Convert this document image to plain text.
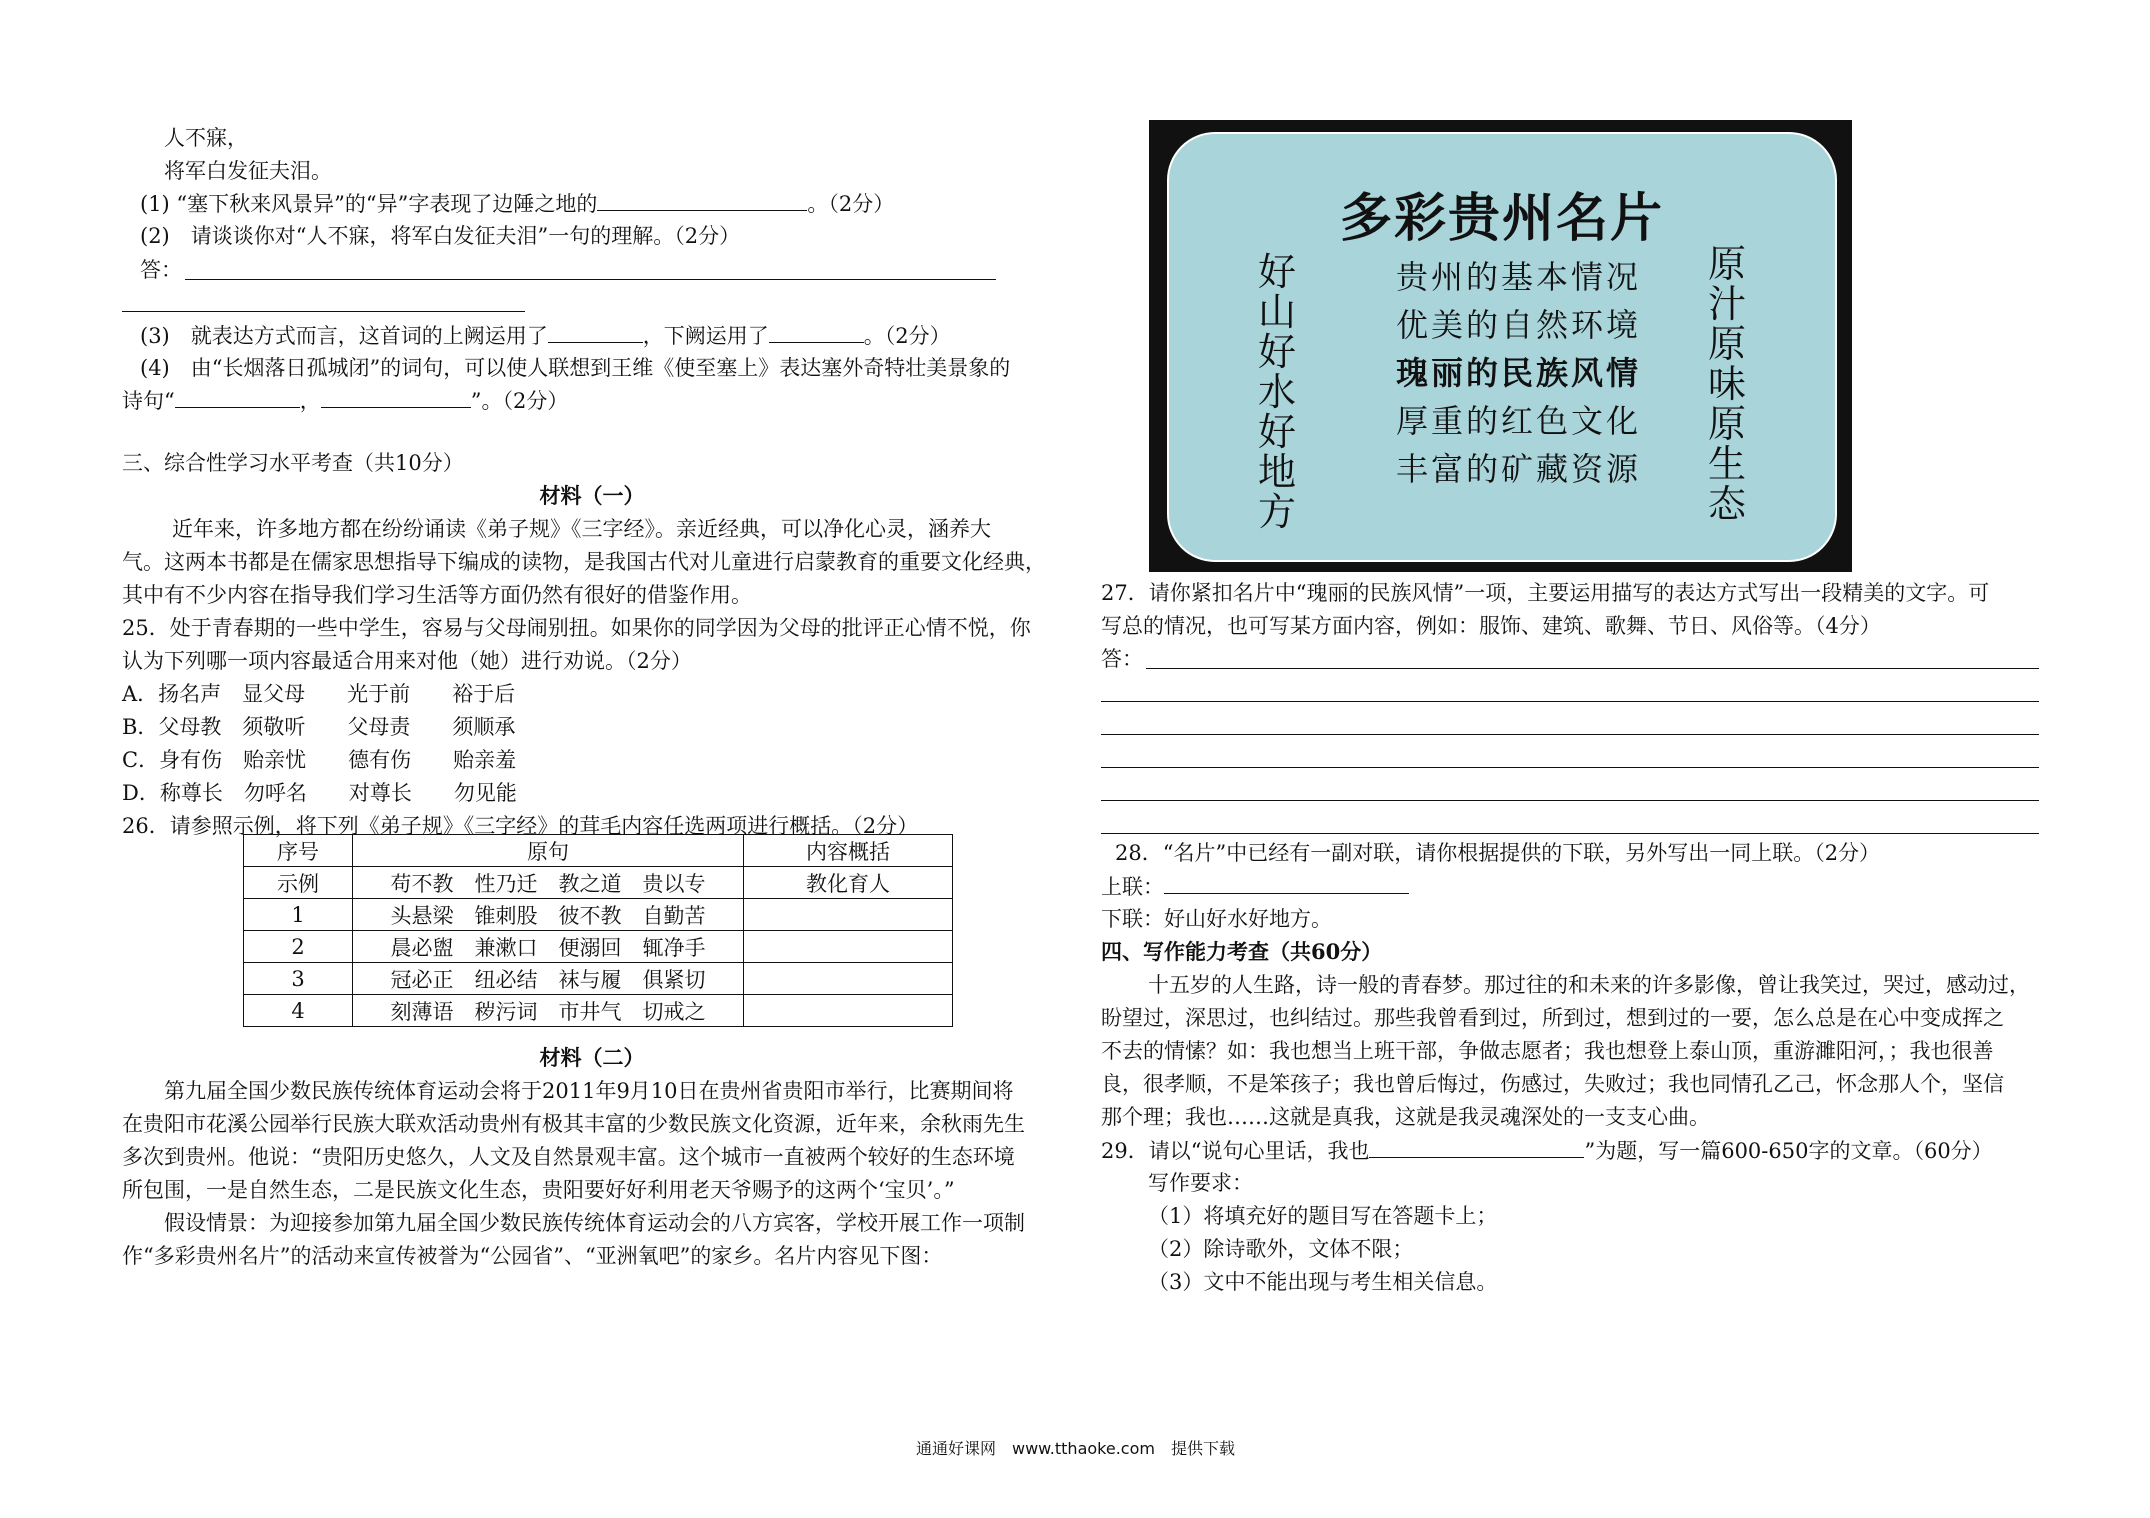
人不寐，
将军白发征夫泪。
(1) “塞下秋来风景异”的“异”字表现了边陲之地的	。（2分）
(2)　请谈谈你对“人不寐，将军白发征夫泪”一句的理解。（2分）
答：
(3)　就表达方式而言，这首词的上阙运用了	，下阙运用了	。（2分）
(4)　由“长烟落日孤城闭”的词句，可以使人联想到王维《使至塞上》表达塞外奇特壮美景象的
诗句“	，	”。（2分）
三、综合性学习水平考查（共10分）
材料（一）
近年来，许多地方都在纷纷诵读《弟子规》《三字经》。亲近经典，可以净化心灵，涵养大
气。这两本书都是在儒家思想指导下编成的读物，是我国古代对儿童进行启蒙教育的重要文化经典，
其中有不少内容在指导我们学习生活等方面仍然有很好的借鉴作用。
25．处于青春期的一些中学生，容易与父母闹别扭。如果你的同学因为父母的批评正心情不悦，你
认为下列哪一项内容最适合用来对他（她）进行劝说。（2分）
A．扬名声　显父母　　光于前　　裕于后
B．父母教　须敬听　　父母责　　须顺承
C．身有伤　贻亲忧　　德有伤　　贻亲羞
D．称尊长　勿呼名　　对尊长　　勿见能
26．请参照示例，将下列《弟子规》《三字经》的茸毛内容任选两项进行概括。（2分）
序号	原句	内容概括
示例	苟不教　性乃迁　教之道　贵以专	教化育人
1	头悬梁　锥刺股　彼不教　自勤苦	
2	晨必盥　兼漱口　便溺回　辄净手	
3	冠必正　纽必结　袜与履　俱紧切	
4	刻薄语　秽污词　市井气　切戒之	
材料（二）
第九届全国少数民族传统体育运动会将于2011年9月10日在贵州省贵阳市举行，比赛期间将
在贵阳市花溪公园举行民族大联欢活动贵州有极其丰富的少数民族文化资源，近年来，余秋雨先生
多次到贵州。他说：“贵阳历史悠久，人文及自然景观丰富。这个城市一直被两个较好的生态环境
所包围，一是自然生态，二是民族文化生态，贵阳要好好利用老天爷赐予的这两个‘宝贝’。”
假设情景：为迎接参加第九届全国少数民族传统体育运动会的八方宾客，学校开展工作一项制
作“多彩贵州名片”的活动来宣传被誉为“公园省”、“亚洲氧吧”的家乡。名片内容见下图：
多彩贵州名片
好山好水好地方
原汁原味原生态
贵州的基本情况
优美的自然环境
瑰丽的民族风情
厚重的红色文化
丰富的矿藏资源
27．请你紧扣名片中“瑰丽的民族风情”一项，主要运用描写的表达方式写出一段精美的文字。可
写总的情况，也可写某方面内容，例如：服饰、建筑、歌舞、节日、风俗等。（4分）
答：
28．“名片”中已经有一副对联，请你根据提供的下联，另外写出一同上联。（2分）
上联：
下联：好山好水好地方。
四、写作能力考查（共60分）
十五岁的人生路，诗一般的青春梦。那过往的和未来的许多影像，曾让我笑过，哭过，感动过，
盼望过，深思过，也纠结过。那些我曾看到过，所到过，想到过的一要，怎么总是在心中变成挥之
不去的情愫？如：我也想当上班干部，争做志愿者；我也想登上泰山顶，重游濉阳河，；我也很善
良，很孝顺，不是笨孩子；我也曾后悔过，伤感过，失败过；我也同情孔乙己，怀念那人个，坚信
那个理；我也……这就是真我，这就是我灵魂深处的一支支心曲。
29．请以“说句心里话，我也	”为题，写一篇600-650字的文章。（60分）
写作要求：
（1）将填充好的题目写在答题卡上；
（2）除诗歌外，文体不限；
（3）文中不能出现与考生相关信息。
通通好课网　www.tthaoke.com　提供下载
